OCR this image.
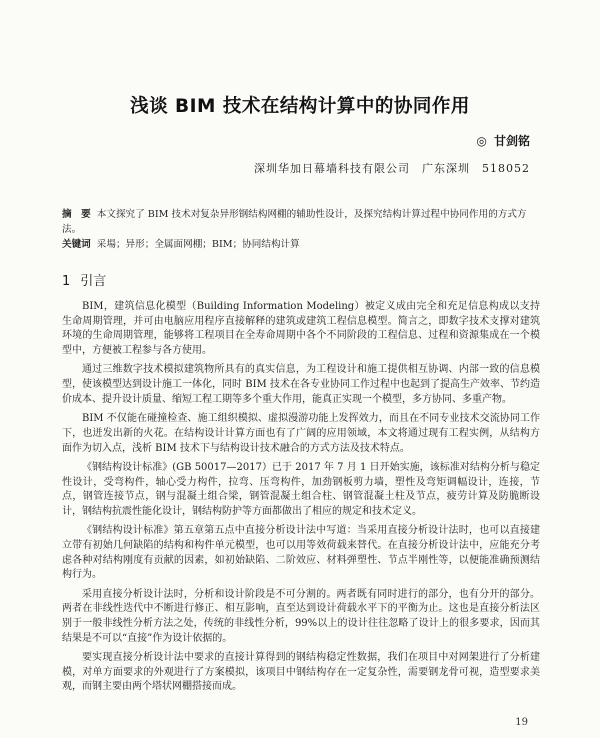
浅谈 BIM 技术在结构计算中的协同作用
◎ 甘剑铭
深圳华加日幕墙科技有限公司　广东深圳　518052

摘　要 本文探究了 BIM 技术对复杂异形钢结构网棚的辅助性设计，及探究结构计算过程中协同作用的方式方法。

关键词 采場；异形；全属面网棚；BIM；协同结构计算

1 引言

BIM，建筑信息化模型（Building Information Modeling）被定义成由完全和充足信息构成以支持生命周期管理，并可由电脑应用程序直接解释的建筑或建筑工程信息模型。简言之，即数字技术支撑对建筑环境的生命周期管理，能够将工程项目在全寿命周期中各个不同阶段的工程信息、过程和资源集成在一个模型中，方便被工程参与各方使用。

通过三维数字技术模拟建筑物所具有的真实信息，为工程设计和施工提供相互协调、内部一致的信息模型，使该模型达到设计施工一体化，同时 BIM 技术在各专业协同工作过程中也起到了提高生产效率、节约造价成本、提升设计质量、缩短工程工期等多个重大作用，能真正实现一个模型，多方协同、多重产物。

BIM 不仅能在碰撞检查、施工组织模拟、虚拟漫游功能上发挥效力，而且在不同专业技术交流协同工作下，也迸发出新的火花。在结构设计计算方面也有了广阔的应用领域，本文将通过现有工程实例，从结构方面作为切入点，浅析 BIM 技术下与结构设计技术融合的方式方法及技术特点。

《钢结构设计标准》(GB 50017—2017）已于 2017 年 7 月 1 日开始实施，该标准对结构分析与稳定性设计，受弯构件，轴心受力构件，拉弯、压弯构件，加劲钢板剪力墙，塑性及弯矩调幅设计，连接，节点，钢管连接节点，钢与混凝土组合梁，钢管混凝土组合柱、钢管混凝土柱及节点，疲劳计算及防脆断设计，钢结构抗震性能化设计，钢结构防护等方面都做出了相应的规定和技术定义。

《钢结构设计标准》第五章第五点中直接分析设计法中写道：当采用直接分析设计法时，也可以直接建立带有初始几何缺陷的结构和构件单元模型，也可以用等效荷载来替代。在直接分析设计法中，应能充分考虑各种对结构刚度有贡献的因素，如初始缺陷、二阶效应、材料弹塑性、节点半刚性等，以便能准确预测结构行为。

采用直接分析设计法时，分析和设计阶段是不可分割的。两者既有同时进行的部分，也有分开的部分。两者在非线性迭代中不断进行修正、相互影响，直至达到设计荷载水平下的平衡为止。这也是直接分析法区别于一般非线性分析方法之处，传统的非线性分析，99%以上的设计往往忽略了设计上的很多要求，因而其结果是不可以“直接”作为设计依据的。

要实现直接分析设计法中要求的直接计算得到的钢结构稳定性数据，我们在项目中对网架进行了分析建模，对单方面要求的外观进行了方案模拟，该项目中钢结构存在一定复杂性，需要钢龙骨可视，造型要求美观，而钢主要由两个塔状网棚搭接而成。

19
